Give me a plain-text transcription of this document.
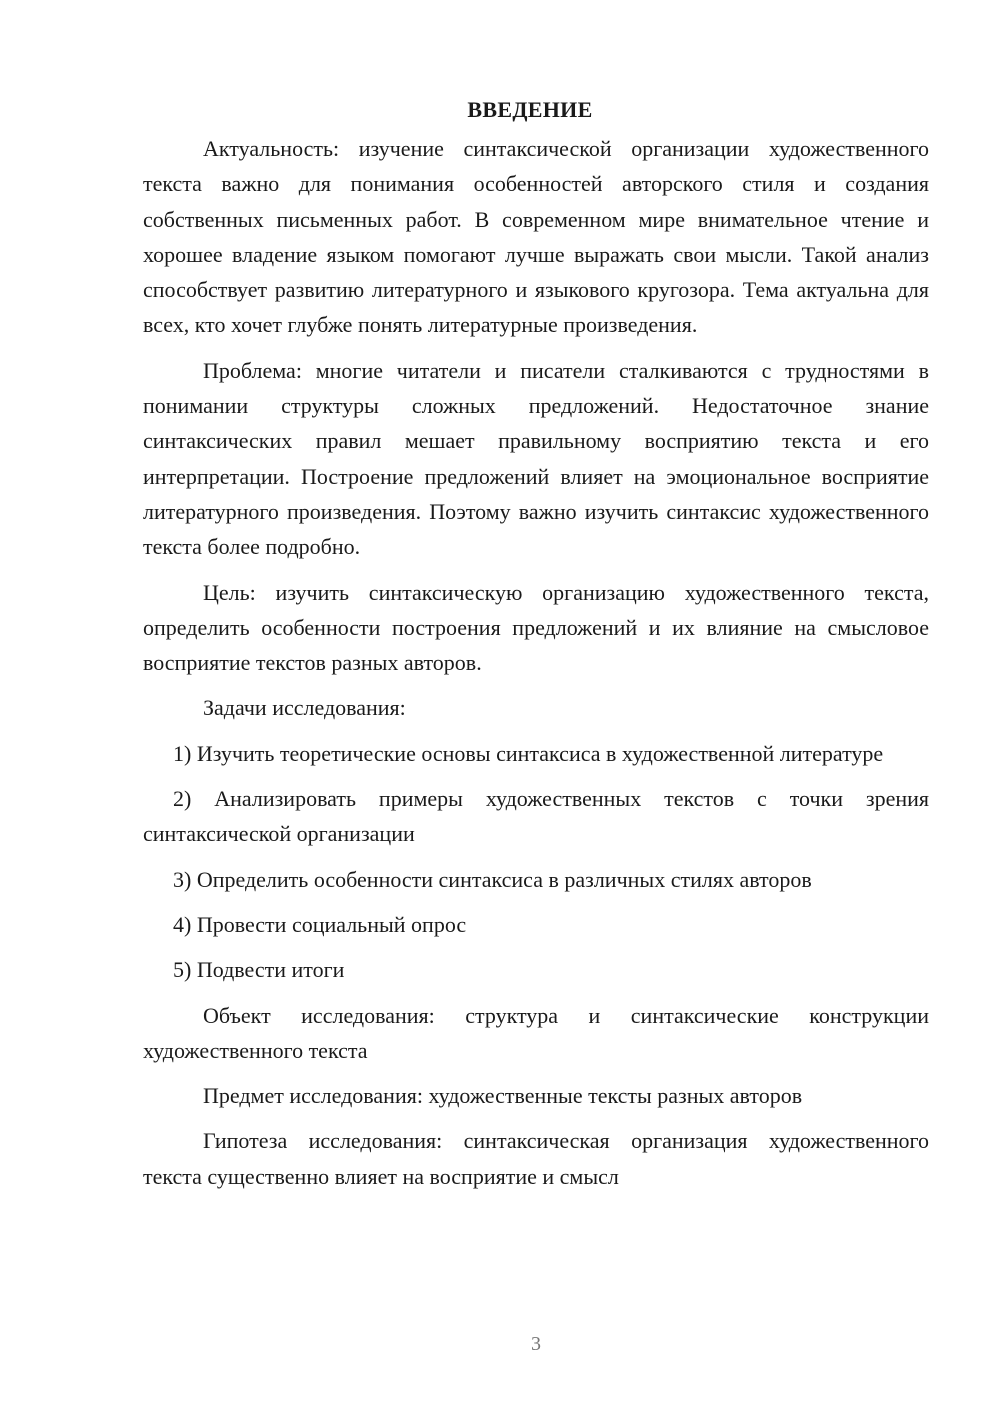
ВВЕДЕНИЕ

Актуальность: изучение синтаксической организации художественного текста важно для понимания особенностей авторского стиля и создания собственных письменных работ. В современном мире внимательное чтение и хорошее владение языком помогают лучше выражать свои мысли. Такой анализ способствует развитию литературного и языкового кругозора. Тема актуальна для всех, кто хочет глубже понять литературные произведения.

Проблема: многие читатели и писатели сталкиваются с трудностями в понимании структуры сложных предложений. Недостаточное знание синтаксических правил мешает правильному восприятию текста и его интерпретации. Построение предложений влияет на эмоциональное восприятие литературного произведения. Поэтому важно изучить синтаксис художественного текста более подробно.

Цель: изучить синтаксическую организацию художественного текста, определить особенности построения предложений и их влияние на смысловое восприятие текстов разных авторов.

Задачи исследования:

1) Изучить теоретические основы синтаксиса в художественной литературе

2) Анализировать примеры художественных текстов с точки зрения синтаксической организации

3) Определить особенности синтаксиса в различных стилях авторов

4) Провести социальный опрос

5) Подвести итоги

Объект исследования: структура и синтаксические конструкции художественного текста

Предмет исследования: художественные тексты разных авторов

Гипотеза исследования: синтаксическая организация художественного текста существенно влияет на восприятие и смысл

3
